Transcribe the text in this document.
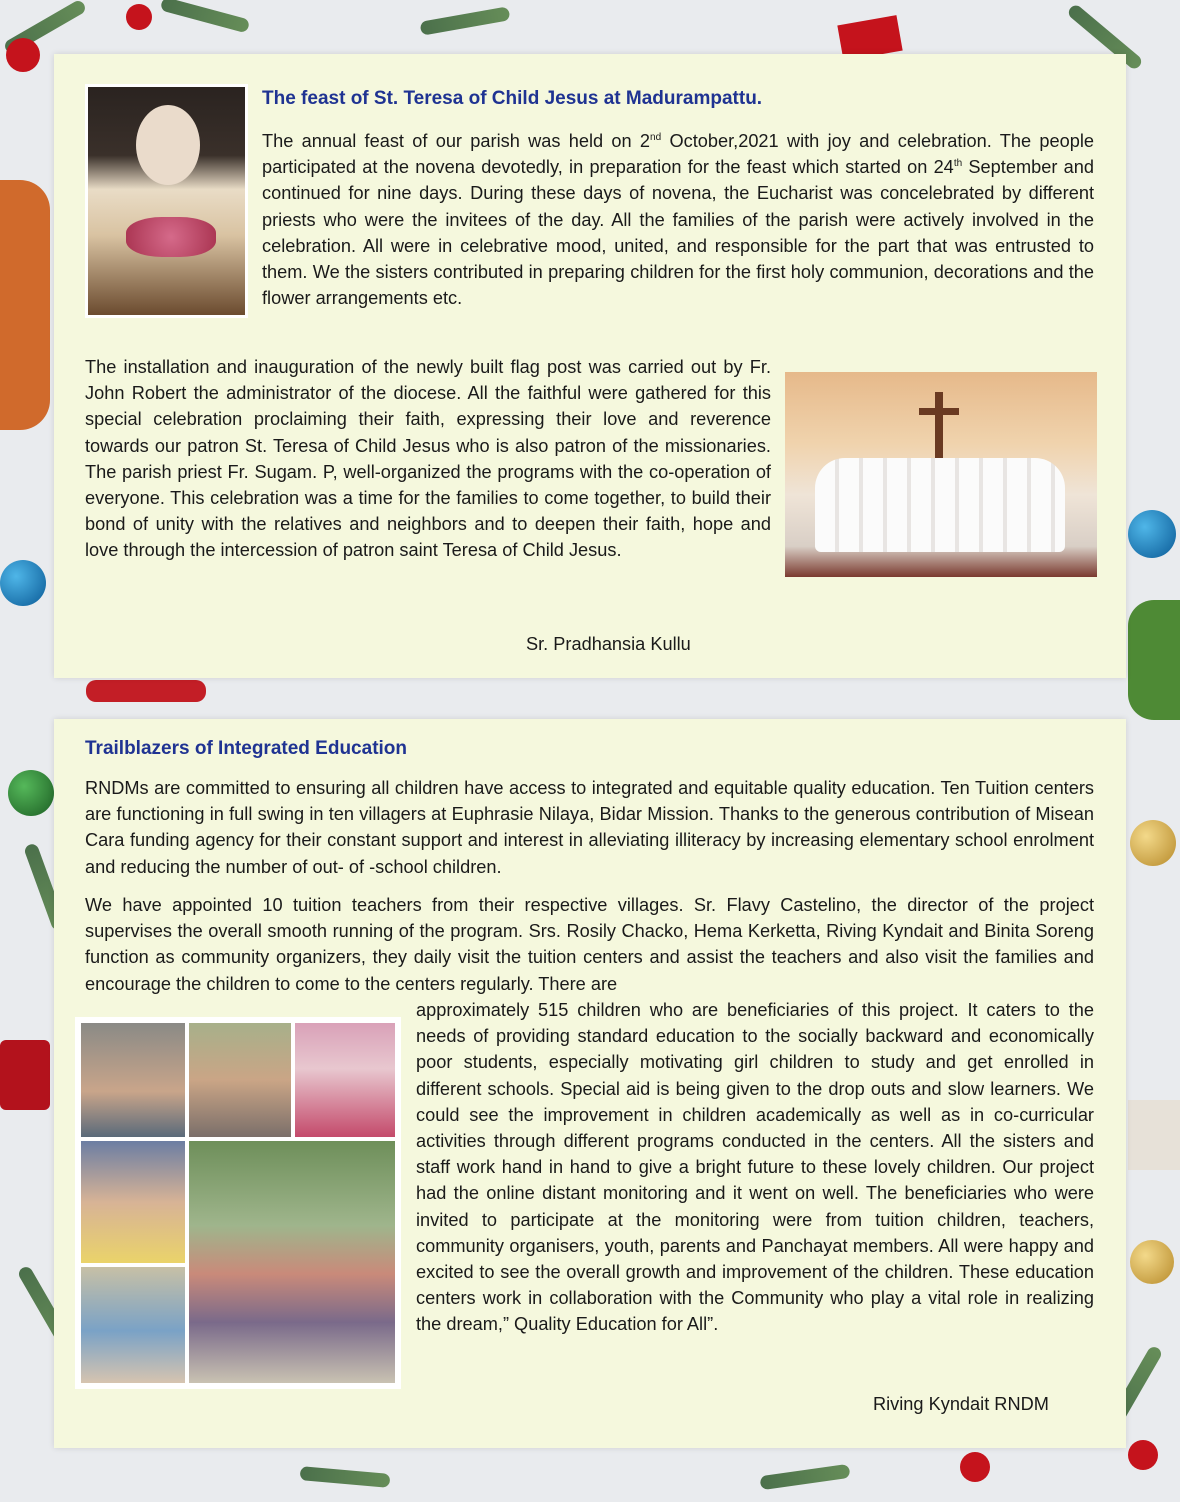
The feast of St. Teresa of Child Jesus at Madurampattu.

The annual feast of our parish was held on 2nd October,2021 with joy and celebration. The people participated at the novena devotedly, in preparation for the feast which started on 24th September and continued for nine days. During these days of novena, the Eucharist was concelebrated by different priests who were the invitees of the day. All the families of the parish were actively involved in the celebration. All were in celebrative mood, united, and responsible for the part that was entrusted to them. We the sisters contributed in preparing children for the first holy communion, decorations and the flower arrangements etc.

The installation and inauguration of the newly built flag post was carried out by Fr. John Robert the administrator of the diocese. All the faithful were gathered for this special celebration proclaiming their faith, expressing their love and reverence towards our patron St. Teresa of Child Jesus who is also patron of the missionaries. The parish priest Fr. Sugam. P, well-organized the programs with the co-operation of everyone. This celebration was a time for the families to come together, to build their bond of unity with the relatives and neighbors and to deepen their faith, hope and love through the intercession of patron saint Teresa of Child Jesus.

Sr. Pradhansia Kullu

Trailblazers of Integrated Education

RNDMs are committed to ensuring all children have access to integrated and equitable quality education. Ten Tuition centers are functioning in full swing in ten villagers at Euphrasie Nilaya, Bidar Mission. Thanks to the generous contribution of Misean Cara funding agency for their constant support and interest in alleviating illiteracy by increasing elementary school enrolment and reducing the number of out- of -school children.

We have appointed 10 tuition teachers from their respective villages. Sr. Flavy Castelino, the director of the project supervises the overall smooth running of the program. Srs. Rosily Chacko, Hema Kerketta, Riving Kyndait and Binita Soreng function as community organizers, they daily visit the tuition centers and assist the teachers and also visit the families and encourage the children to come to the centers regularly. There are

approximately 515 children who are beneficiaries of this project. It caters to the needs of providing standard education to the socially backward and economically poor students, especially motivating girl children to study and get enrolled in different schools. Special aid is being given to the drop outs and slow learners. We could see the improvement in children academically as well as in co-curricular activities through different programs conducted in the centers. All the sisters and staff work hand in hand to give a bright future to these lovely children. Our project had the online distant monitoring and it went on well. The beneficiaries who were invited to participate at the monitoring were from tuition children, teachers, community organisers, youth, parents and Panchayat members. All were happy and excited to see the overall growth and improvement of the children. These education centers work in collaboration with the Community who play a vital role in realizing the dream,” Quality Education for All”.

Riving Kyndait RNDM
